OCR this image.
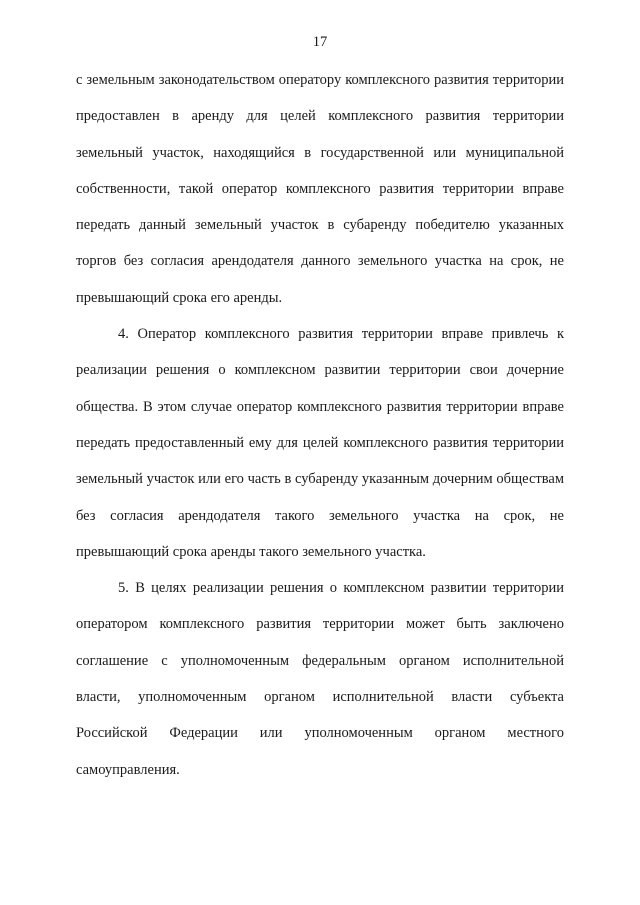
17

с земельным законодательством оператору комплексного развития территории предоставлен в аренду для целей комплексного развития территории земельный участок, находящийся в государственной или муниципальной собственности, такой оператор комплексного развития территории вправе передать данный земельный участок в субаренду победителю указанных торгов без согласия арендодателя данного земельного участка на срок, не превышающий срока его аренды.

4. Оператор комплексного развития территории вправе привлечь к реализации решения о комплексном развитии территории свои дочерние общества. В этом случае оператор комплексного развития территории вправе передать предоставленный ему для целей комплексного развития территории земельный участок или его часть в субаренду указанным дочерним обществам без согласия арендодателя такого земельного участка на срок, не превышающий срока аренды такого земельного участка.

5. В целях реализации решения о комплексном развитии территории оператором комплексного развития территории может быть заключено соглашение с уполномоченным федеральным органом исполнительной власти, уполномоченным органом исполнительной власти субъекта Российской Федерации или уполномоченным органом местного самоуправления.
